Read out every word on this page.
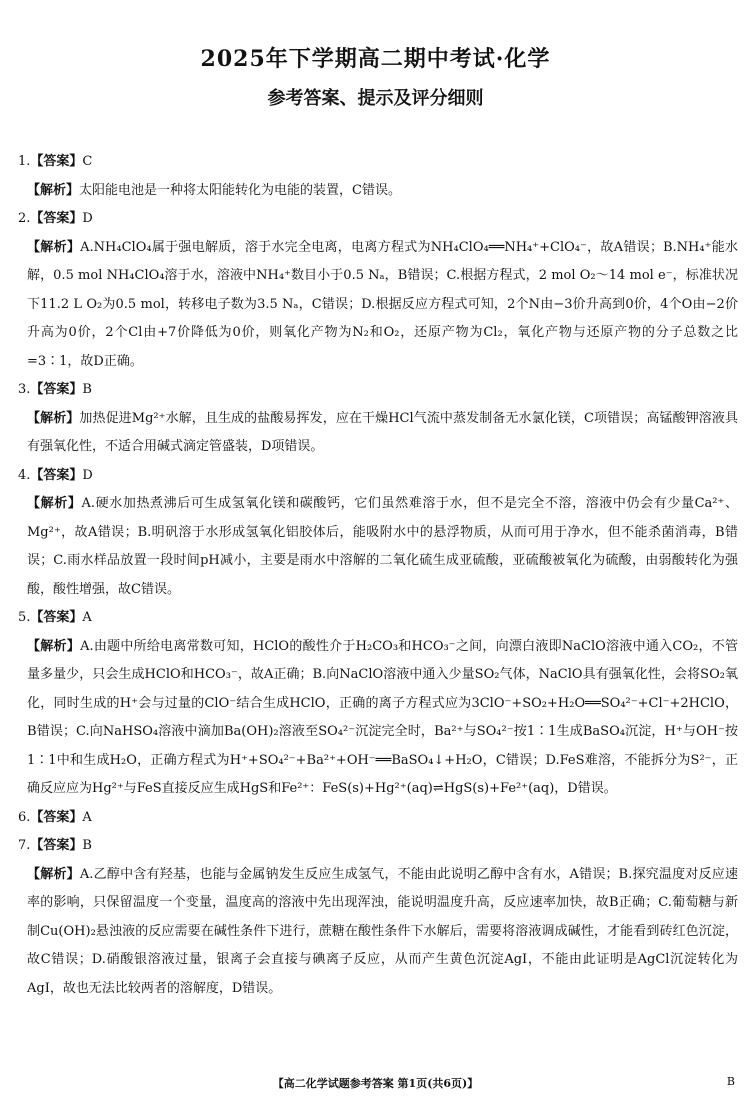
2025年下学期高二期中考试·化学
参考答案、提示及评分细则

1.【答案】C

【解析】太阳能电池是一种将太阳能转化为电能的装置，C错误。

2.【答案】D

【解析】A.NH₄ClO₄属于强电解质，溶于水完全电离，电离方程式为NH₄ClO₄══NH₄⁺+ClO₄⁻，故A错误；B.NH₄⁺能水解，0.5 mol NH₄ClO₄溶于水，溶液中NH₄⁺数目小于0.5 Nₐ，B错误；C.根据方程式，2 mol O₂～14 mol e⁻，标准状况下11.2 L O₂为0.5 mol，转移电子数为3.5 Nₐ，C错误；D.根据反应方程式可知，2个N由−3价升高到0价，4个O由−2价升高为0价，2个Cl由+7价降低为0价，则氧化产物为N₂和O₂，还原产物为Cl₂，氧化产物与还原产物的分子总数之比=3∶1，故D正确。

3.【答案】B

【解析】加热促进Mg²⁺水解，且生成的盐酸易挥发，应在干燥HCl气流中蒸发制备无水氯化镁，C项错误；高锰酸钾溶液具有强氧化性，不适合用碱式滴定管盛装，D项错误。

4.【答案】D

【解析】A.硬水加热煮沸后可生成氢氧化镁和碳酸钙，它们虽然难溶于水，但不是完全不溶，溶液中仍会有少量Ca²⁺、Mg²⁺，故A错误；B.明矾溶于水形成氢氧化铝胶体后，能吸附水中的悬浮物质，从而可用于净水，但不能杀菌消毒，B错误；C.雨水样品放置一段时间pH减小，主要是雨水中溶解的二氧化硫生成亚硫酸，亚硫酸被氧化为硫酸，由弱酸转化为强酸，酸性增强，故C错误。

5.【答案】A

【解析】A.由题中所给电离常数可知，HClO的酸性介于H₂CO₃和HCO₃⁻之间，向漂白液即NaClO溶液中通入CO₂，不管量多量少，只会生成HClO和HCO₃⁻，故A正确；B.向NaClO溶液中通入少量SO₂气体，NaClO具有强氧化性，会将SO₂氧化，同时生成的H⁺会与过量的ClO⁻结合生成HClO，正确的离子方程式应为3ClO⁻+SO₂+H₂O══SO₄²⁻+Cl⁻+2HClO，B错误；C.向NaHSO₄溶液中滴加Ba(OH)₂溶液至SO₄²⁻沉淀完全时，Ba²⁺与SO₄²⁻按1∶1生成BaSO₄沉淀，H⁺与OH⁻按1∶1中和生成H₂O，正确方程式为H⁺+SO₄²⁻+Ba²⁺+OH⁻══BaSO₄↓+H₂O，C错误；D.FeS难溶，不能拆分为S²⁻，正确反应应为Hg²⁺与FeS直接反应生成HgS和Fe²⁺：FeS(s)+Hg²⁺(aq)⇌HgS(s)+Fe²⁺(aq)，D错误。

6.【答案】A

7.【答案】B

【解析】A.乙醇中含有羟基，也能与金属钠发生反应生成氢气，不能由此说明乙醇中含有水，A错误；B.探究温度对反应速率的影响，只保留温度一个变量，温度高的溶液中先出现浑浊，能说明温度升高，反应速率加快，故B正确；C.葡萄糖与新制Cu(OH)₂悬浊液的反应需要在碱性条件下进行，蔗糖在酸性条件下水解后，需要将溶液调成碱性，才能看到砖红色沉淀，故C错误；D.硝酸银溶液过量，银离子会直接与碘离子反应，从而产生黄色沉淀AgI，不能由此证明是AgCl沉淀转化为AgI，故也无法比较两者的溶解度，D错误。

【高二化学试题参考答案 第1页(共6页)】	B
